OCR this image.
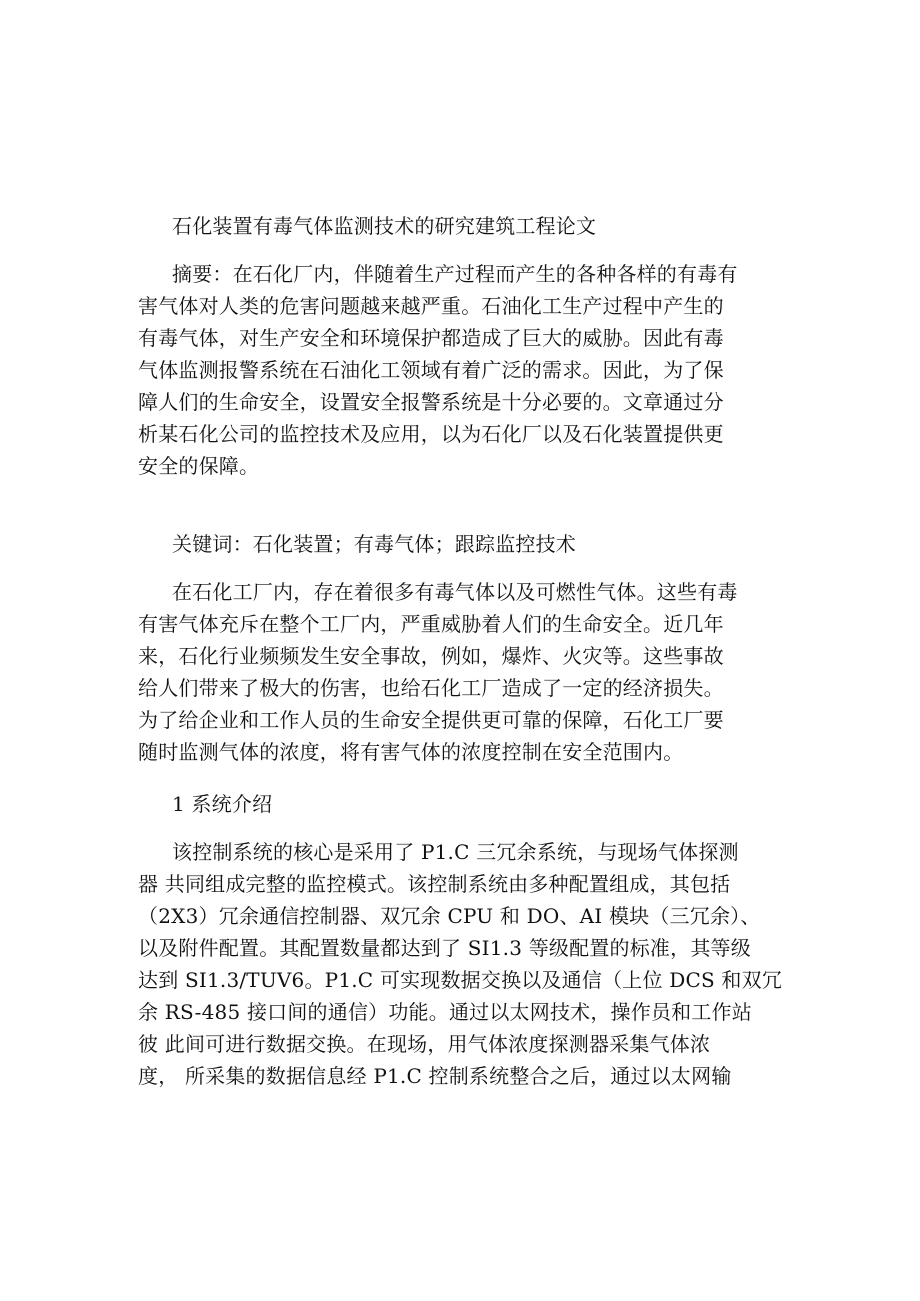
石化装置有毒气体监测技术的研究建筑工程论文
摘要：在石化厂内，伴随着生产过程而产生的各种各样的有毒有
害气体对人类的危害问题越来越严重。石油化工生产过程中产生的
有毒气体，对生产安全和环境保护都造成了巨大的威胁。因此有毒
气体监测报警系统在石油化工领域有着广泛的需求。因此，为了保
障人们的生命安全，设置安全报警系统是十分必要的。文章通过分
析某石化公司的监控技术及应用，以为石化厂以及石化装置提供更
安全的保障。
关键词：石化装置；有毒气体；跟踪监控技术
在石化工厂内，存在着很多有毒气体以及可燃性气体。这些有毒
有害气体充斥在整个工厂内，严重威胁着人们的生命安全。近几年
来，石化行业频频发生安全事故，例如，爆炸、火灾等。这些事故
给人们带来了极大的伤害，也给石化工厂造成了一定的经济损失。
为了给企业和工作人员的生命安全提供更可靠的保障，石化工厂要
随时监测气体的浓度，将有害气体的浓度控制在安全范围内。
1 系统介绍
该控制系统的核心是采用了 P1.C 三冗余系统，与现场气体探测
器 共同组成完整的监控模式。该控制系统由多种配置组成，其包括
（2X3）冗余通信控制器、双冗余 CPU 和 DO、AI 模块（三冗余）、
以及附件配置。其配置数量都达到了 SI1.3 等级配置的标准，其等级
达到 SI1.3/TUV6。P1.C 可实现数据交换以及通信（上位 DCS 和双冗
余 RS-485 接口间的通信）功能。通过以太网技术，操作员和工作站
彼 此间可进行数据交换。在现场，用气体浓度探测器采集气体浓
度， 所采集的数据信息经 P1.C 控制系统整合之后，通过以太网输
